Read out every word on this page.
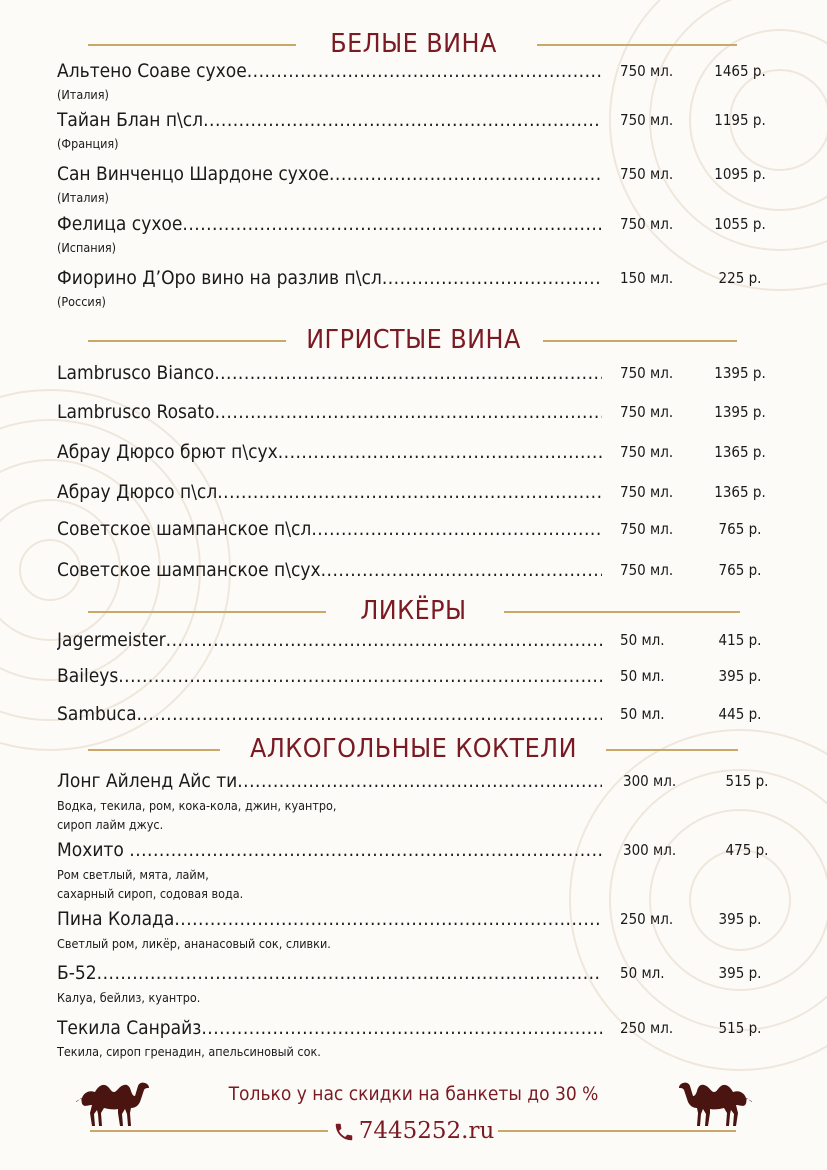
БЕЛЫЕ ВИНА
Альтено Соаве сухое .....	750 мл.	1465 р.
(Италия)
Тайан Блан п\сл .....	750 мл.	1195 р.
(Франция)
Сан Винченцо Шардоне сухое .....	750 мл.	1095 р.
(Италия)
Фелица сухое .....	750 мл.	1055 р.
(Испания)
Фиорино Д’Оро вино на разлив п\сл .....	150 мл.	225 р.
(Россия)
ИГРИСТЫЕ ВИНА
Lambrusco Bianco .....	750 мл.	1395 р.
Lambrusco Rosato .....	750 мл.	1395 р.
Абрау Дюрсо брют п\сух .....	750 мл.	1365 р.
Абрау Дюрсо п\сл .....	750 мл.	1365 р.
Советское шампанское п\сл .....	750 мл.	765 р.
Советское шампанское п\сух .....	750 мл.	765 р.
ЛИКЁРЫ
Jagermeister .....	50 мл.	415 р.
Baileys .....	50 мл.	395 р.
Sambuca .....	50 мл.	445 р.
АЛКОГОЛЬНЫЕ КОКТЕЛИ
Лонг Айленд Айс ти .....	300 мл.	515 р.
Водка, текила, ром, кока-кола, джин, куантро,
сироп лайм джус.
Мохито .....	300 мл.	475 р.
Ром светлый, мята, лайм,
сахарный сироп, содовая вода.
Пина Колада .....	250 мл.	395 р.
Светлый ром, ликёр, ананасовый сок, сливки.
Б-52 .....	50 мл.	395 р.
Калуа, бейлиз, куантро.
Текила Санрайз .....	250 мл.	515 р.
Текила, сироп гренадин, апельсиновый сок.
Только у нас скидки на банкеты до 30 %
7445252.ru
